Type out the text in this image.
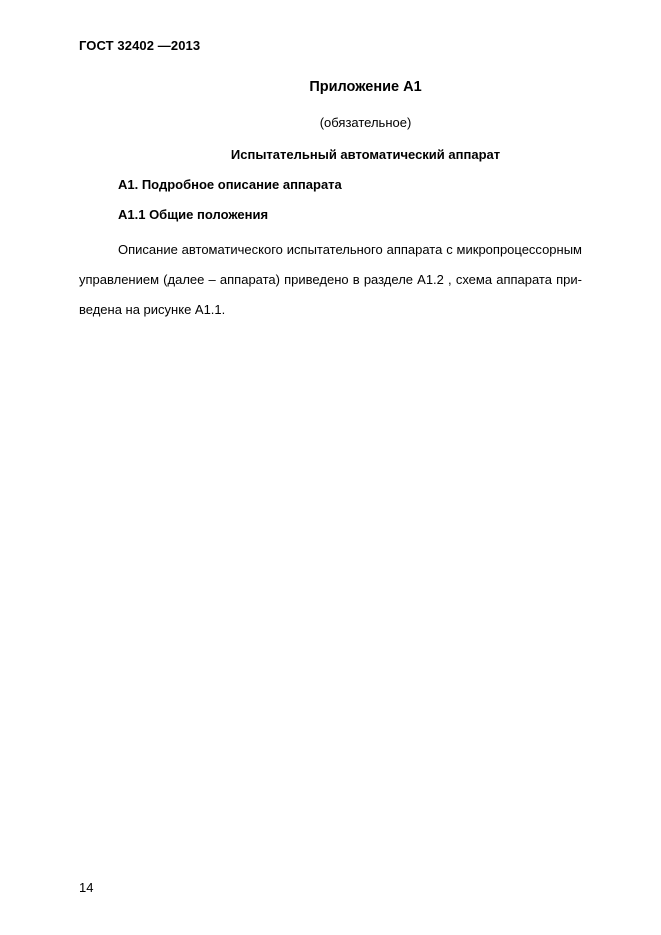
ГОСТ 32402 —2013
Приложение А1
(обязательное)
Испытательный автоматический аппарат
А1. Подробное описание аппарата
А1.1 Общие положения
Описание автоматического испытательного аппарата с микропроцессорным
управлением (далее – аппарата) приведено в разделе А1.2 , схема аппарата при-
ведена на рисунке А1.1.
14
